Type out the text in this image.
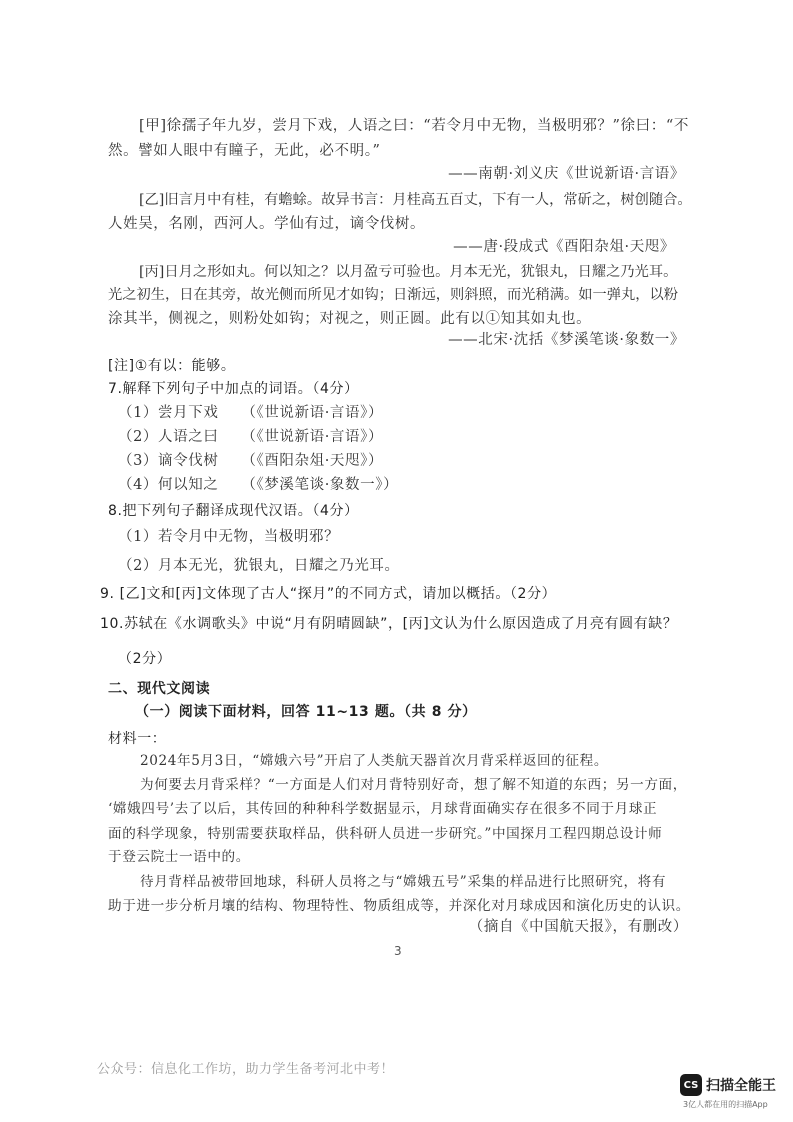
[甲]徐孺子年九岁，尝月下戏，人语之曰：“若令月中无物，当极明邪？”徐曰：“不
然。譬如人眼中有瞳子，无此，必不明。”
——南朝·刘义庆《世说新语·言语》
[乙]旧言月中有桂，有蟾蜍。故异书言：月桂高五百丈，下有一人，常斫之，树创随合。
人姓吴，名刚，西河人。学仙有过，谪令伐树。
——唐·段成式《酉阳杂俎·天咫》
[丙]日月之形如丸。何以知之？以月盈亏可验也。月本无光，犹银丸，日耀之乃光耳。
光之初生，日在其旁，故光侧而所见才如钩；日渐远，则斜照，而光稍满。如一弹丸，以粉
涂其半，侧视之，则粉处如钩；对视之，则正圆。此有以①知其如丸也。
——北宋·沈括《梦溪笔谈·象数一》
[注]①有以：能够。
7.解释下列句子中加点的词语。（4分）
（1）尝月下戏　　（《世说新语·言语》）
（2）人语之曰　　（《世说新语·言语》）
（3）谪令伐树　　（《酉阳杂俎·天咫》）
（4）何以知之　　（《梦溪笔谈·象数一》）
8.把下列句子翻译成现代汉语。（4分）
（1）若令月中无物，当极明邪？
（2）月本无光，犹银丸，日耀之乃光耳。
9. [乙]文和[丙]文体现了古人“探月”的不同方式，请加以概括。（2分）
10.苏轼在《水调歌头》中说“月有阴晴圆缺”，[丙]文认为什么原因造成了月亮有圆有缺？
（2分）
二、现代文阅读
（一）阅读下面材料，回答 11~13 题。（共 8 分）
材料一：
2024年5月3日，“嫦娥六号”开启了人类航天器首次月背采样返回的征程。
为何要去月背采样？“一方面是人们对月背特别好奇，想了解不知道的东西；另一方面，
‘嫦娥四号’去了以后，其传回的种种科学数据显示，月球背面确实存在很多不同于月球正
面的科学现象，特别需要获取样品，供科研人员进一步研究。”中国探月工程四期总设计师
于登云院士一语中的。
待月背样品被带回地球，科研人员将之与“嫦娥五号”采集的样品进行比照研究，将有
助于进一步分析月壤的结构、物理特性、物质组成等，并深化对月球成因和演化历史的认识。
（摘自《中国航天报》，有删改）
3
公众号：信息化工作坊，助力学生备考河北中考！
CS 扫描全能王
3亿人都在用的扫描App
